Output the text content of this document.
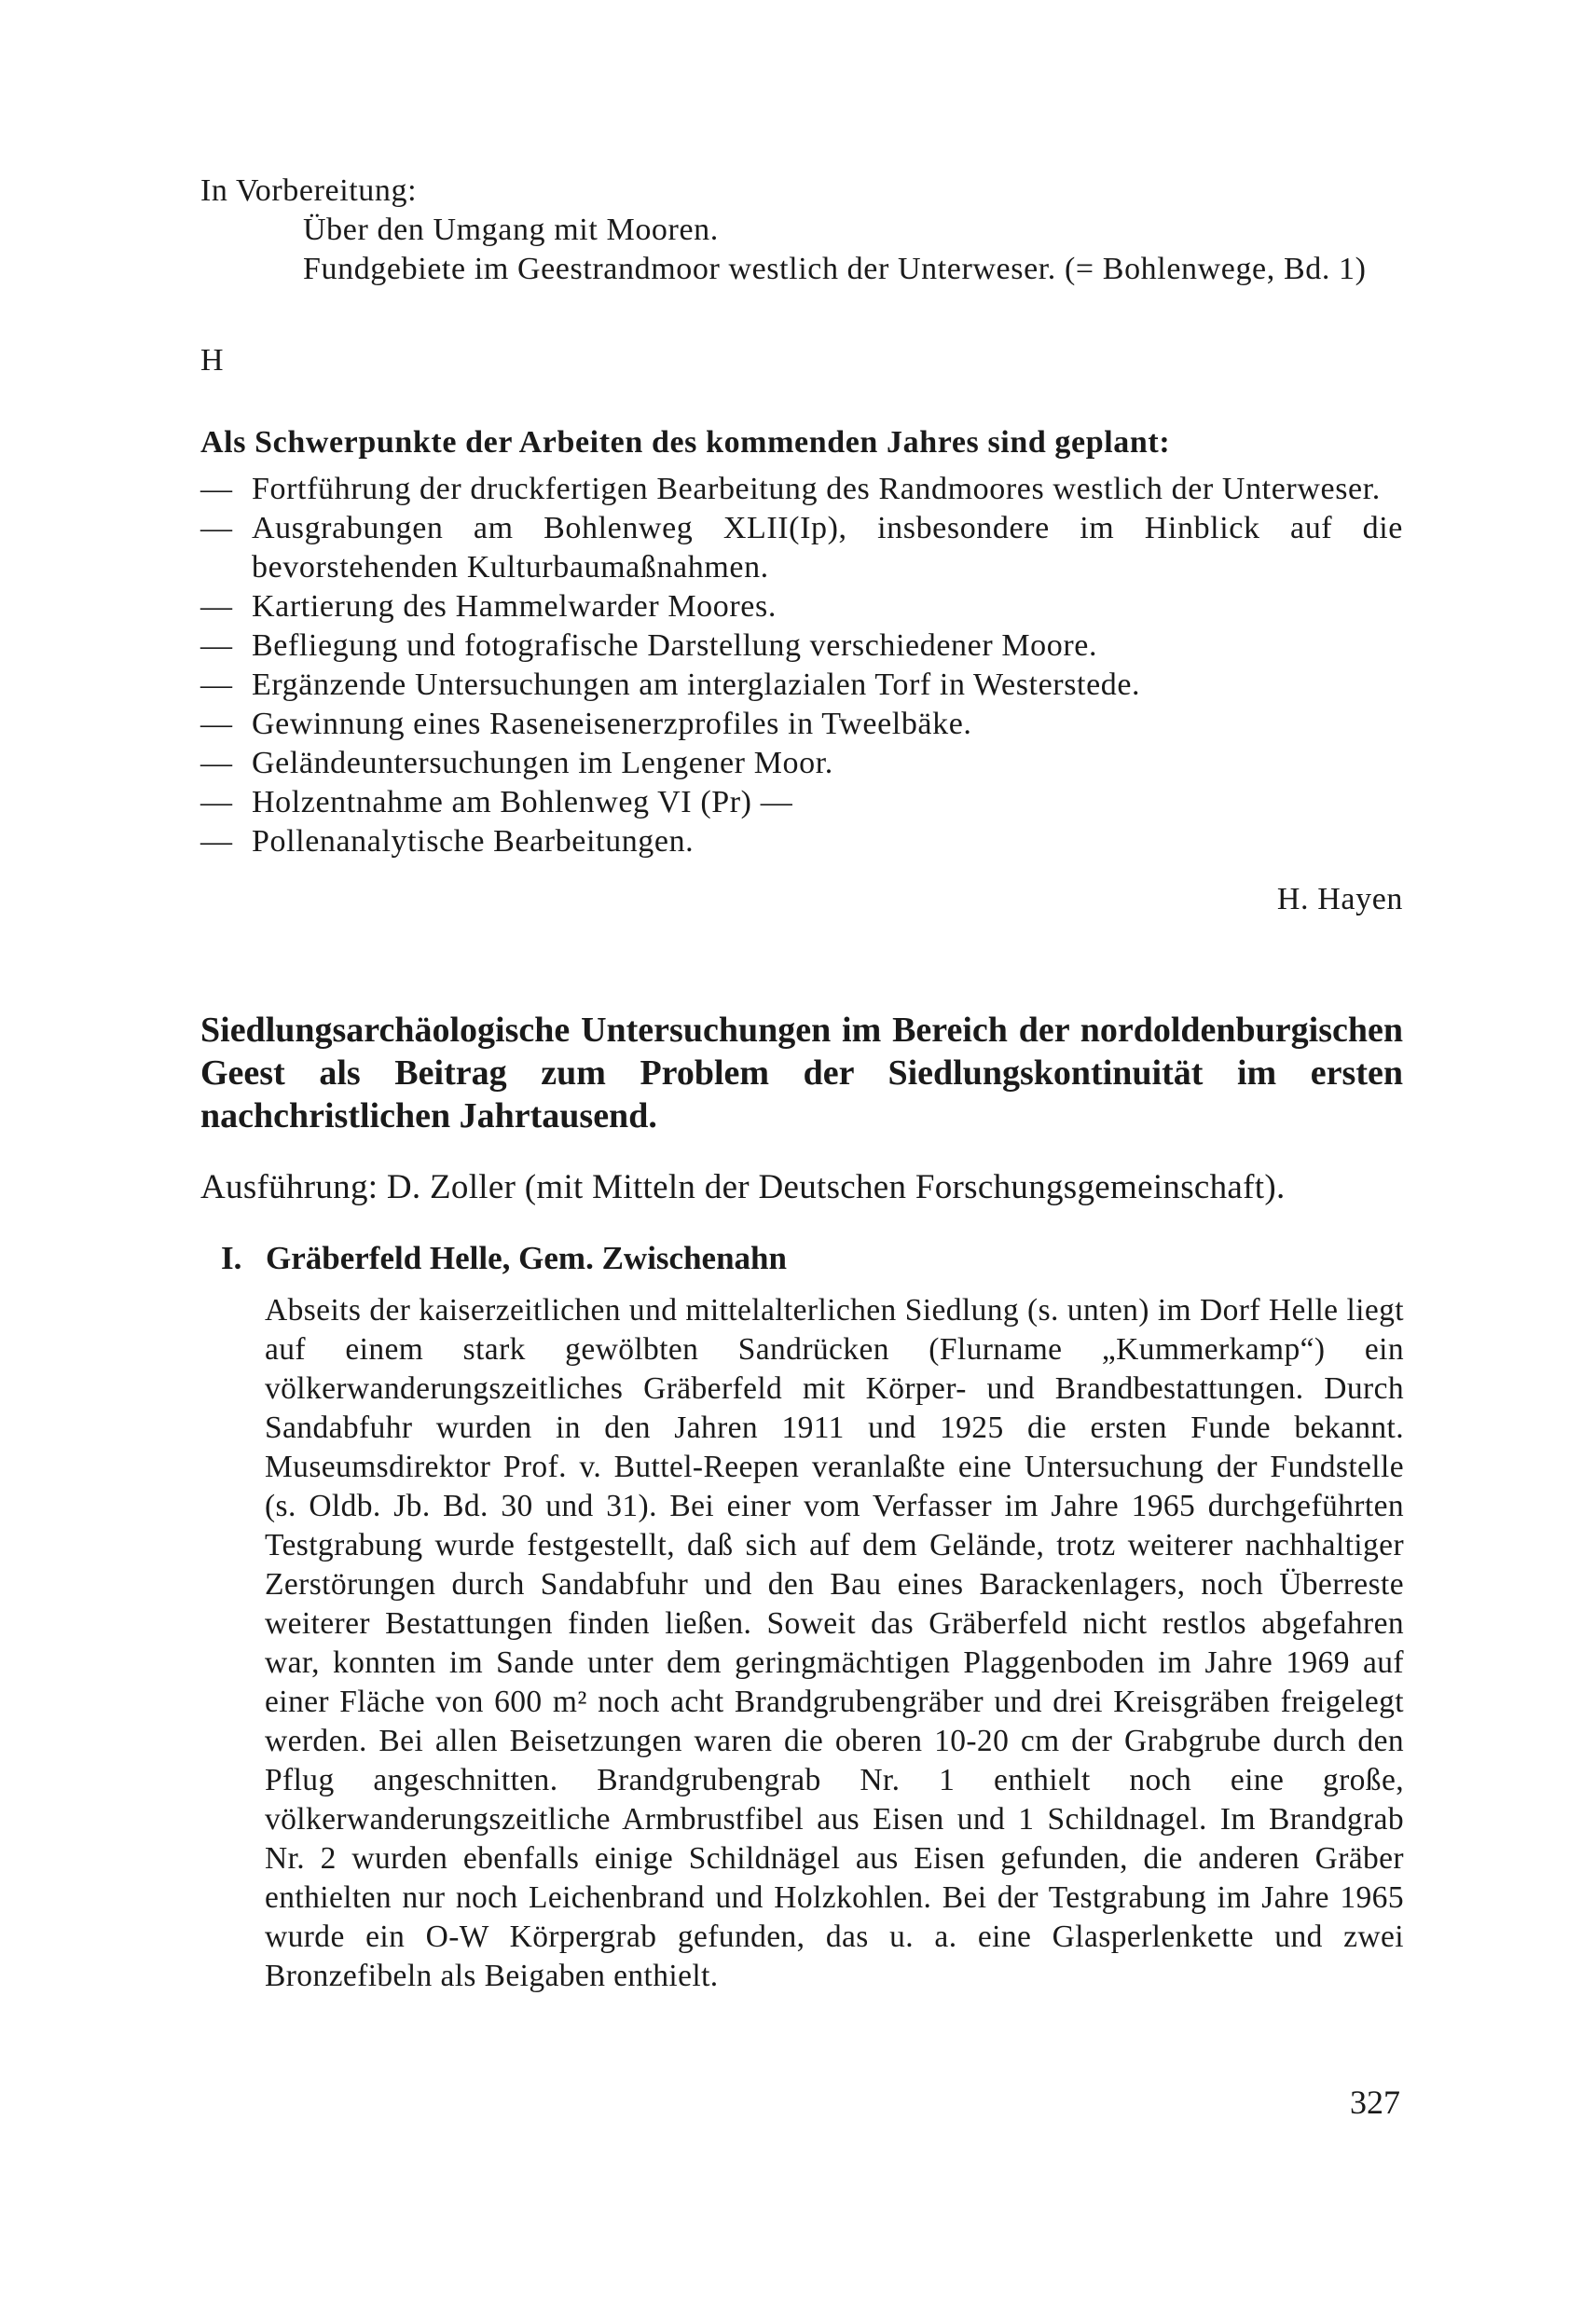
In Vorbereitung:
Über den Umgang mit Mooren.
Fundgebiete im Geestrandmoor westlich der Unterweser. (= Bohlenwege, Bd. 1)
H
Als Schwerpunkte der Arbeiten des kommenden Jahres sind geplant:
— Fortführung der druckfertigen Bearbeitung des Randmoores westlich der Unterweser.
— Ausgrabungen am Bohlenweg XLII(Ip), insbesondere im Hinblick auf die bevorstehenden Kulturbaumaßnahmen.
— Kartierung des Hammelwarder Moores.
— Befliegung und fotografische Darstellung verschiedener Moore.
— Ergänzende Untersuchungen am interglazialen Torf in Westerstede.
— Gewinnung eines Raseneisenerzprofiles in Tweelbäke.
— Geländeuntersuchungen im Lengener Moor.
— Holzentnahme am Bohlenweg VI (Pr) —
— Pollenanalytische Bearbeitungen.
H. Hayen
Siedlungsarchäologische Untersuchungen im Bereich der nordoldenburgischen Geest als Beitrag zum Problem der Siedlungskontinuität im ersten nachchristlichen Jahrtausend.
Ausführung: D. Zoller (mit Mitteln der Deutschen Forschungsgemeinschaft).
I. Gräberfeld Helle, Gem. Zwischenahn
Abseits der kaiserzeitlichen und mittelalterlichen Siedlung (s. unten) im Dorf Helle liegt auf einem stark gewölbten Sandrücken (Flurname „Kummerkamp“) ein völkerwanderungszeitliches Gräberfeld mit Körper- und Brandbestattungen. Durch Sandabfuhr wurden in den Jahren 1911 und 1925 die ersten Funde bekannt. Museumsdirektor Prof. v. Buttel-Reepen veranlaßte eine Untersuchung der Fundstelle (s. Oldb. Jb. Bd. 30 und 31). Bei einer vom Verfasser im Jahre 1965 durchgeführten Testgrabung wurde festgestellt, daß sich auf dem Gelände, trotz weiterer nachhaltiger Zerstörungen durch Sandabfuhr und den Bau eines Barackenlagers, noch Überreste weiterer Bestattungen finden ließen. Soweit das Gräberfeld nicht restlos abgefahren war, konnten im Sande unter dem geringmächtigen Plaggenboden im Jahre 1969 auf einer Fläche von 600 m² noch acht Brandgrubengräber und drei Kreisgräben freigelegt werden. Bei allen Beisetzungen waren die oberen 10-20 cm der Grabgrube durch den Pflug angeschnitten. Brandgrubengrab Nr. 1 enthielt noch eine große, völkerwanderungszeitliche Armbrustfibel aus Eisen und 1 Schildnagel. Im Brandgrab Nr. 2 wurden ebenfalls einige Schildnägel aus Eisen gefunden, die anderen Gräber enthielten nur noch Leichenbrand und Holzkohlen. Bei der Testgrabung im Jahre 1965 wurde ein O-W Körpergrab gefunden, das u. a. eine Glasperlenkette und zwei Bronzefibeln als Beigaben enthielt.
327
